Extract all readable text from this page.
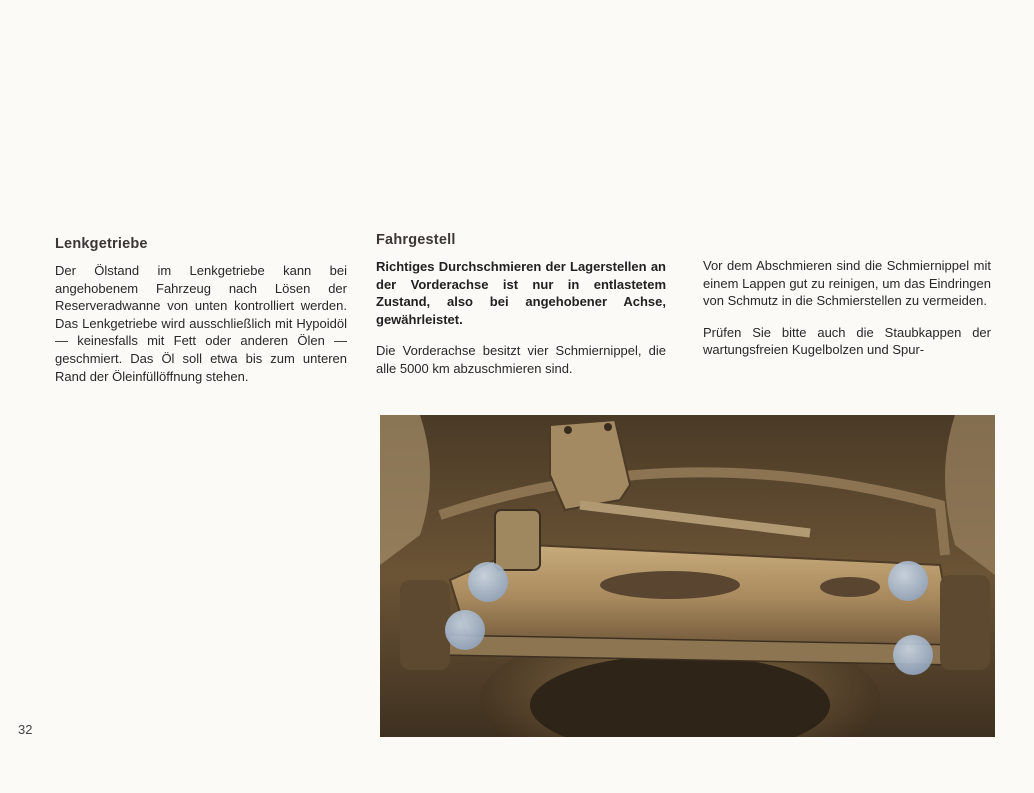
Lenkgetriebe

Der Ölstand im Lenkgetriebe kann bei angehobenem Fahrzeug nach Lösen der Reserveradwanne von unten kontrolliert werden. Das Lenkgetriebe wird ausschließlich mit Hypoidöl — keinesfalls mit Fett oder anderen Ölen — geschmiert. Das Öl soll etwa bis zum unteren Rand der Öleinfüllöffnung stehen.

Fahrgestell

Richtiges Durchschmieren der Lagerstellen an der Vorderachse ist nur in entlastetem Zustand, also bei angehobener Achse, gewährleistet.

Die Vorderachse besitzt vier Schmiernippel, die alle 5000 km abzuschmieren sind.

Vor dem Abschmieren sind die Schmiernippel mit einem Lappen gut zu reinigen, um das Eindringen von Schmutz in die Schmierstellen zu vermeiden.

Prüfen Sie bitte auch die Staubkappen der wartungsfreien Kugelbolzen und Spur-

32
